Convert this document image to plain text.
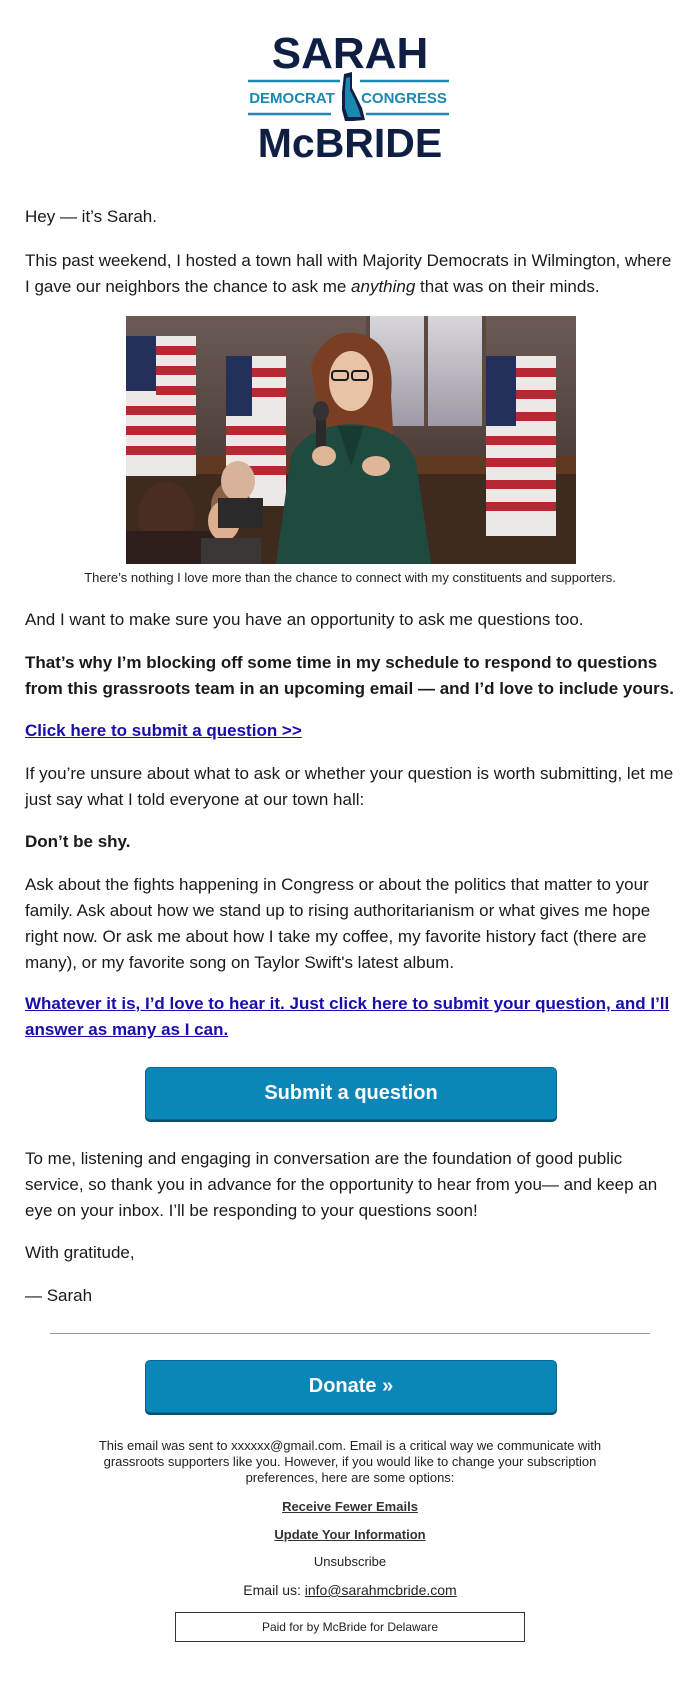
SARAH
DEMOCRAT CONGRESS
McBRIDE

Hey — it’s Sarah.

This past weekend, I hosted a town hall with Majority Democrats in Wilmington, where I gave our neighbors the chance to ask me anything that was on their minds.

There’s nothing I love more than the chance to connect with my constituents and supporters.

And I want to make sure you have an opportunity to ask me questions too.

That’s why I’m blocking off some time in my schedule to respond to questions from this grassroots team in an upcoming email — and I’d love to include yours.

Click here to submit a question >>

If you’re unsure about what to ask or whether your question is worth submitting, let me just say what I told everyone at our town hall:

Don’t be shy.

Ask about the fights happening in Congress or about the politics that matter to your family. Ask about how we stand up to rising authoritarianism or what gives me hope right now. Or ask me about how I take my coffee, my favorite history fact (there are many), or my favorite song on Taylor Swift's latest album.

Whatever it is, I’d love to hear it. Just click here to submit your question, and I’ll answer as many as I can.
Submit a question

To me, listening and engaging in conversation are the foundation of good public service, so thank you in advance for the opportunity to hear from you— and keep an eye on your inbox. I’ll be responding to your questions soon!

With gratitude,

— Sarah

Donate »
This email was sent to xxxxxx@gmail.com. Email is a critical way we communicate with grassroots supporters like you. However, if you would like to change your subscription preferences, here are some options:
Receive Fewer Emails
Update Your Information
Unsubscribe
Email us: info@sarahmcbride.com
Paid for by McBride for Delaware
